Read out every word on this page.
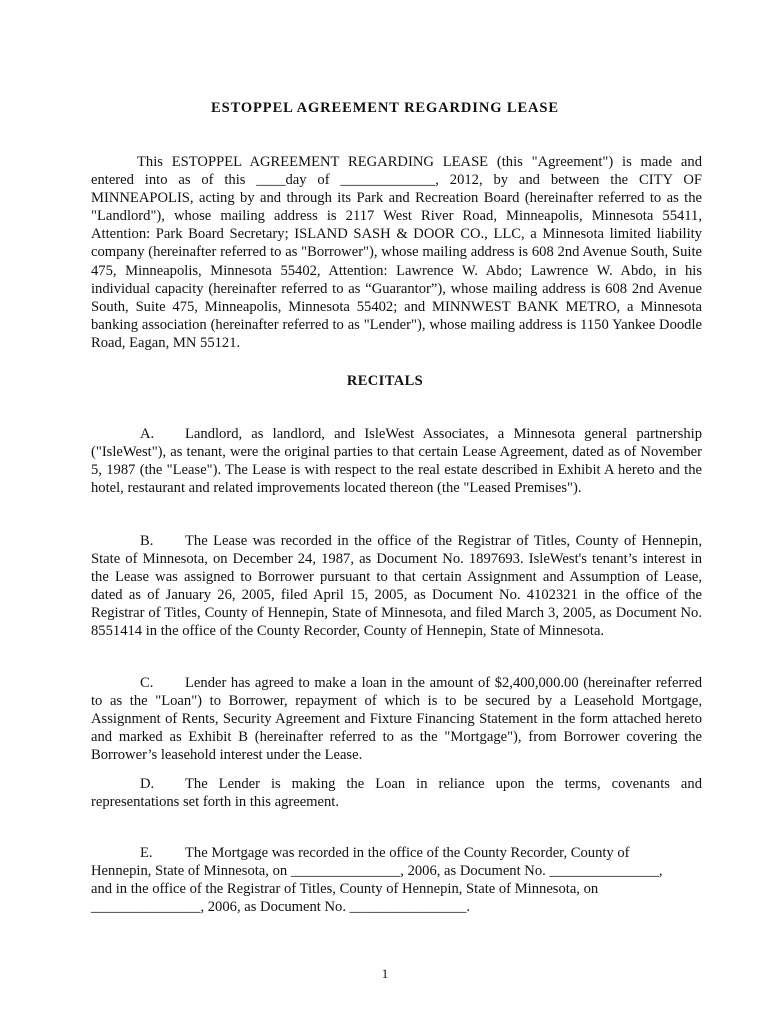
ESTOPPEL AGREEMENT REGARDING LEASE

This ESTOPPEL AGREEMENT REGARDING LEASE (this "Agreement") is made and entered into as of this ____day of _____________, 2012, by and between the CITY OF MINNEAPOLIS, acting by and through its Park and Recreation Board (hereinafter referred to as the "Landlord"), whose mailing address is 2117 West River Road, Minneapolis, Minnesota 55411, Attention: Park Board Secretary; ISLAND SASH & DOOR CO., LLC, a Minnesota limited liability company (hereinafter referred to as "Borrower"), whose mailing address is 608 2nd Avenue South, Suite 475, Minneapolis, Minnesota 55402, Attention: Lawrence W. Abdo; Lawrence W. Abdo, in his individual capacity (hereinafter referred to as “Guarantor”), whose mailing address is 608 2nd Avenue South, Suite 475, Minneapolis, Minnesota 55402; and MINNWEST BANK METRO, a Minnesota banking association (hereinafter referred to as "Lender"), whose mailing address is 1150 Yankee Doodle Road, Eagan, MN 55121.

RECITALS

A. Landlord, as landlord, and IsleWest Associates, a Minnesota general partnership ("IsleWest"), as tenant, were the original parties to that certain Lease Agreement, dated as of November 5, 1987 (the "Lease"). The Lease is with respect to the real estate described in Exhibit A hereto and the hotel, restaurant and related improvements located thereon (the "Leased Premises").

B. The Lease was recorded in the office of the Registrar of Titles, County of Hennepin, State of Minnesota, on December 24, 1987, as Document No. 1897693. IsleWest's tenant’s interest in the Lease was assigned to Borrower pursuant to that certain Assignment and Assumption of Lease, dated as of January 26, 2005, filed April 15, 2005, as Document No. 4102321 in the office of the Registrar of Titles, County of Hennepin, State of Minnesota, and filed March 3, 2005, as Document No. 8551414 in the office of the County Recorder, County of Hennepin, State of Minnesota.

C. Lender has agreed to make a loan in the amount of $2,400,000.00 (hereinafter referred to as the "Loan") to Borrower, repayment of which is to be secured by a Leasehold Mortgage, Assignment of Rents, Security Agreement and Fixture Financing Statement in the form attached hereto and marked as Exhibit B (hereinafter referred to as the "Mortgage"), from Borrower covering the Borrower’s leasehold interest under the Lease.

D. The Lender is making the Loan in reliance upon the terms, covenants and representations set forth in this agreement.

E. The Mortgage was recorded in the office of the County Recorder, County of
Hennepin, State of Minnesota, on _______________, 2006, as Document No. _______________,
and in the office of the Registrar of Titles, County of Hennepin, State of Minnesota, on
_______________, 2006, as Document No. ________________.
1
